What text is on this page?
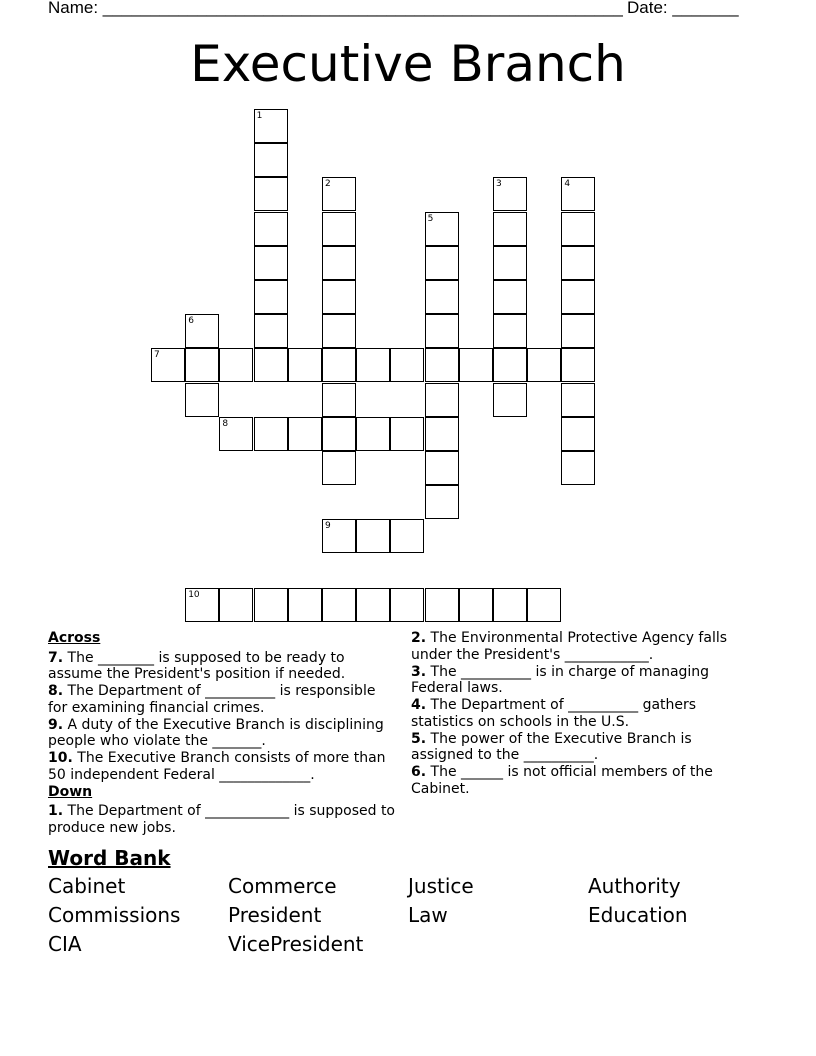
Name: _______________________________________________________ Date: _______
Executive Branch
7
8
9
10
1
2	3	4
5
6
Across
7. The ________ is supposed to be ready to assume the President's position if needed.
8. The Department of __________ is responsible for examining financial crimes.
9. A duty of the Executive Branch is disciplining people who violate the _______.
10. The Executive Branch consists of more than 50 independent Federal _____________.
Down
1. The Department of ____________ is supposed to produce new jobs.
2. The Environmental Protective Agency falls under the President's ____________.
3. The __________ is in charge of managing Federal laws.
4. The Department of __________ gathers statistics on schools in the U.S.
5. The power of the Executive Branch is assigned to the __________.
6. The ______ is not official members of the Cabinet.
Word Bank
Cabinet	Commerce	Justice	Authority
Commissions	President	Law	Education
CIA	VicePresident
